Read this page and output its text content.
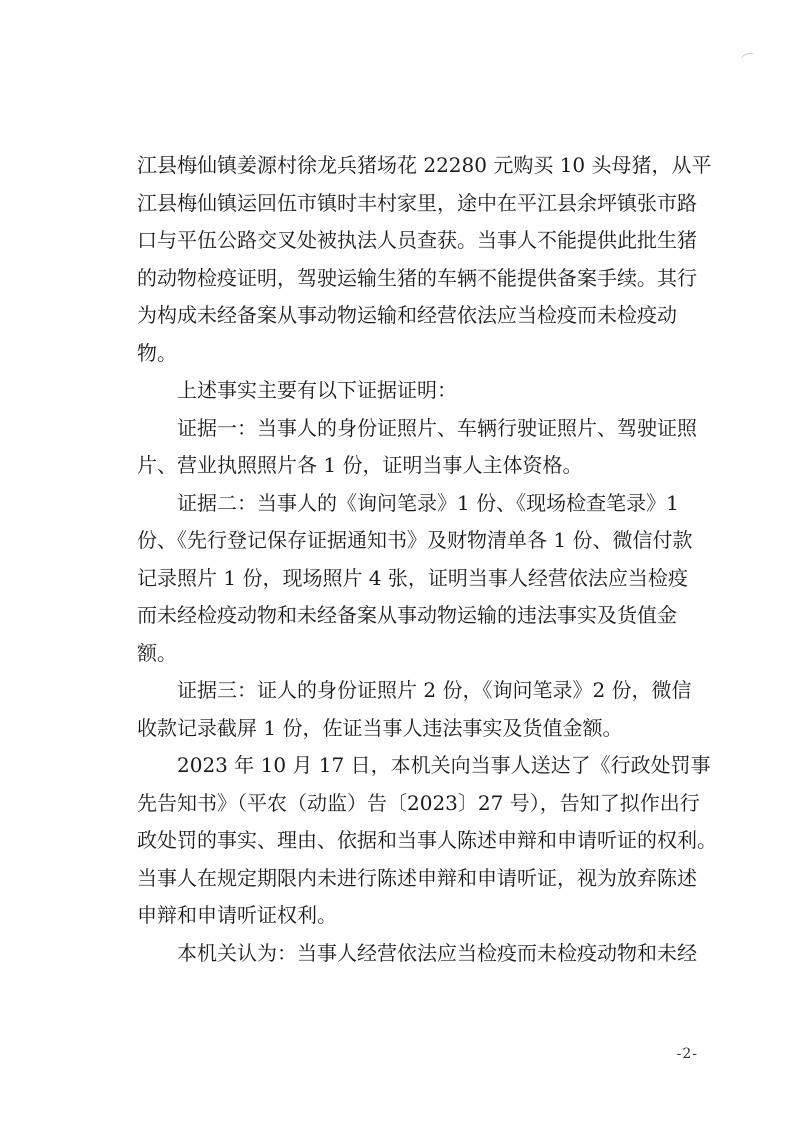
⌒

江县梅仙镇姜源村徐龙兵猪场花 22280 元购买 10 头母猪，从平
江县梅仙镇运回伍市镇时丰村家里，途中在平江县余坪镇张市路
口与平伍公路交叉处被执法人员查获。当事人不能提供此批生猪
的动物检疫证明，驾驶运输生猪的车辆不能提供备案手续。其行
为构成未经备案从事动物运输和经营依法应当检疫而未检疫动
物。

　　上述事实主要有以下证据证明：

　　证据一：当事人的身份证照片、车辆行驶证照片、驾驶证照
片、营业执照照片各 1 份，证明当事人主体资格。

　　证据二：当事人的《询问笔录》1 份、《现场检查笔录》1
份、《先行登记保存证据通知书》及财物清单各 1 份、微信付款
记录照片 1 份，现场照片 4 张，证明当事人经营依法应当检疫
而未经检疫动物和未经备案从事动物运输的违法事实及货值金
额。

　　证据三：证人的身份证照片 2 份，《询问笔录》2 份，微信
收款记录截屏 1 份，佐证当事人违法事实及货值金额。

　　2023 年 10 月 17 日，本机关向当事人送达了《行政处罚事
先告知书》（平农（动监）告〔2023〕27 号），告知了拟作出行
政处罚的事实、理由、依据和当事人陈述申辩和申请听证的权利。
当事人在规定期限内未进行陈述申辩和申请听证，视为放弃陈述
申辩和申请听证权利。

　　本机关认为：当事人经营依法应当检疫而未检疫动物和未经

-2-
